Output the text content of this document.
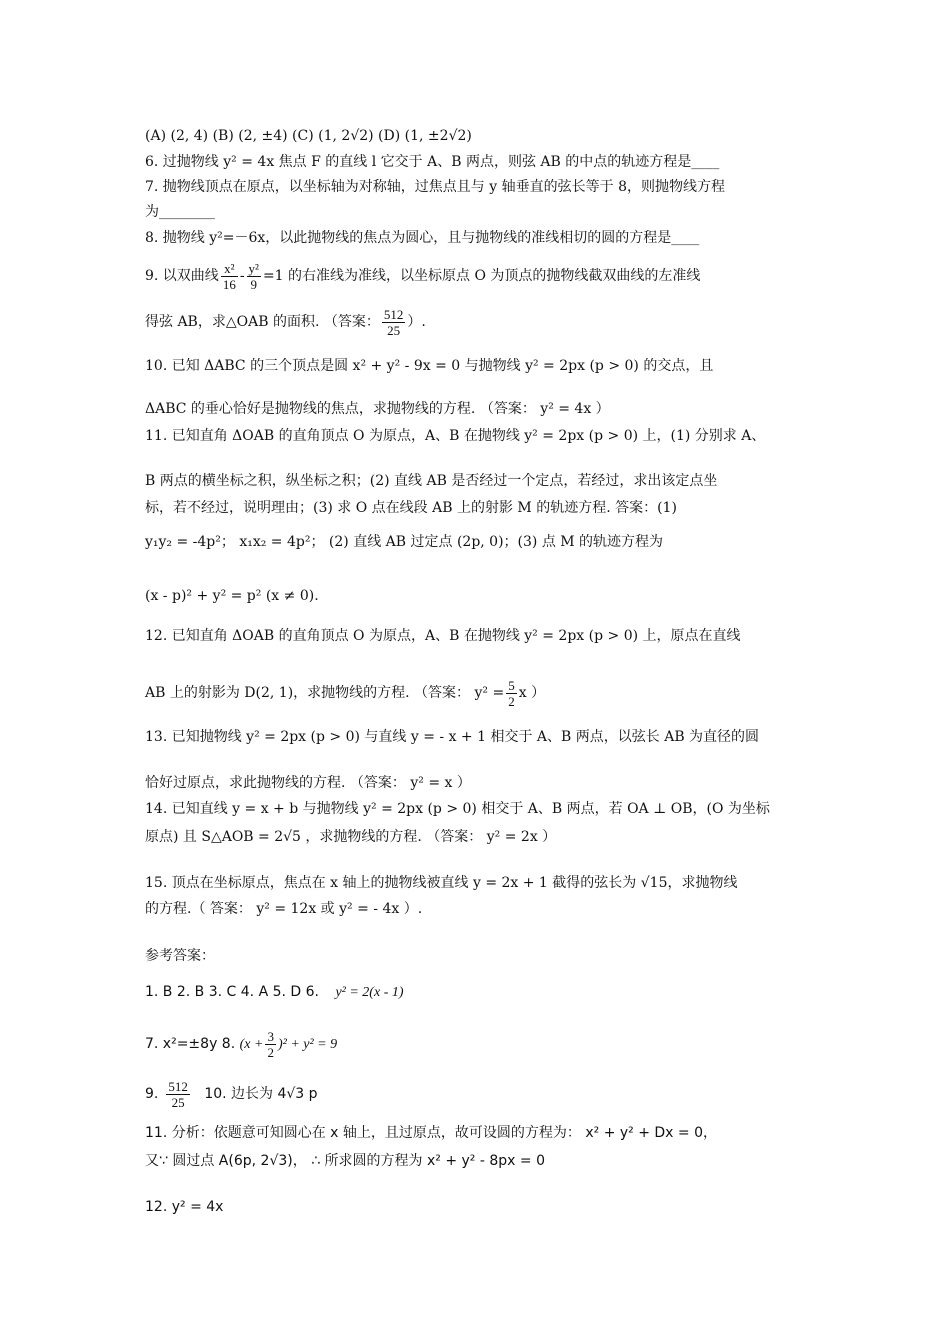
(A) (2, 4) (B) (2, ±4) (C) (1, 2√2) (D) (1, ±2√2)
6. 过抛物线 y² = 4x 焦点 F 的直线 l 它交于 A、B 两点，则弦 AB 的中点的轨迹方程是____
7. 抛物线顶点在原点，以坐标轴为对称轴，过焦点且与 y 轴垂直的弦长等于 8，则抛物线方程
为________
8. 抛物线 y²=－6x，以此抛物线的焦点为圆心，且与抛物线的准线相切的圆的方程是____
9. 以双曲线 $\frac{\text{x²}}{16} - \frac{\text{y²}}{9} =1$ 的右准线为准线，以坐标原点 O 为顶点的抛物线截双曲线的左准线
得弦 AB，求△OAB 的面积. （答案： $\frac{512}{25}$ ）.
10. 已知 ΔABC 的三个顶点是圆 x² + y² - 9x = 0 与抛物线 y² = 2px (p > 0) 的交点，且
ΔABC 的垂心恰好是抛物线的焦点，求抛物线的方程. （答案： y² = 4x ）
11. 已知直角 ΔOAB 的直角顶点 O 为原点，A、B 在抛物线 y² = 2px (p > 0) 上，(1) 分别求 A、
B 两点的横坐标之积，纵坐标之积；(2) 直线 AB 是否经过一个定点，若经过，求出该定点坐
标，若不经过，说明理由；(3) 求 O 点在线段 AB 上的射影 M 的轨迹方程. 答案：(1)
y₁y₂ = -4p²； x₁x₂ = 4p²； (2) 直线 AB 过定点 (2p, 0)；(3) 点 M 的轨迹方程为
(x - p)² + y² = p² (x ≠ 0).
12. 已知直角 ΔOAB 的直角顶点 O 为原点，A、B 在抛物线 y² = 2px (p > 0) 上，原点在直线
AB 上的射影为 D(2, 1)，求抛物线的方程. （答案： $y^2 = \frac{5}{2}$ x ）
13. 已知抛物线 y² = 2px (p > 0) 与直线 y = - x + 1 相交于 A、B 两点，以弦长 AB 为直径的圆
恰好过原点，求此抛物线的方程. （答案： y² = x ）
14. 已知直线 y = x + b 与抛物线 y² = 2px (p > 0) 相交于 A、B 两点，若 OA ⊥ OB，(O 为坐标
原点) 且 S△AOB = 2√5 ，求抛物线的方程. （答案： y² = 2x ）
15. 顶点在坐标原点，焦点在 x 轴上的抛物线被直线 y = 2x + 1 截得的弦长为 √15，求抛物线
的方程.（ 答案： y² = 12x 或 y² = - 4x ）.
参考答案：
1. B 2. B 3. C 4. A 5. D 6. y² = 2(x - 1)
7. x²=±8y 8. $(x + \frac{3}{2} )^2 + y^2 = 9$
9. $\frac{512}{25} 10$. 边长为 4√3 p
11. 分析：依题意可知圆心在 x 轴上，且过原点，故可设圆的方程为： x² + y² + Dx = 0，
又∵ 圆过点 A(6p, 2√3)， ∴ 所求圆的方程为 x² + y² - 8px = 0
12. y² = 4x
